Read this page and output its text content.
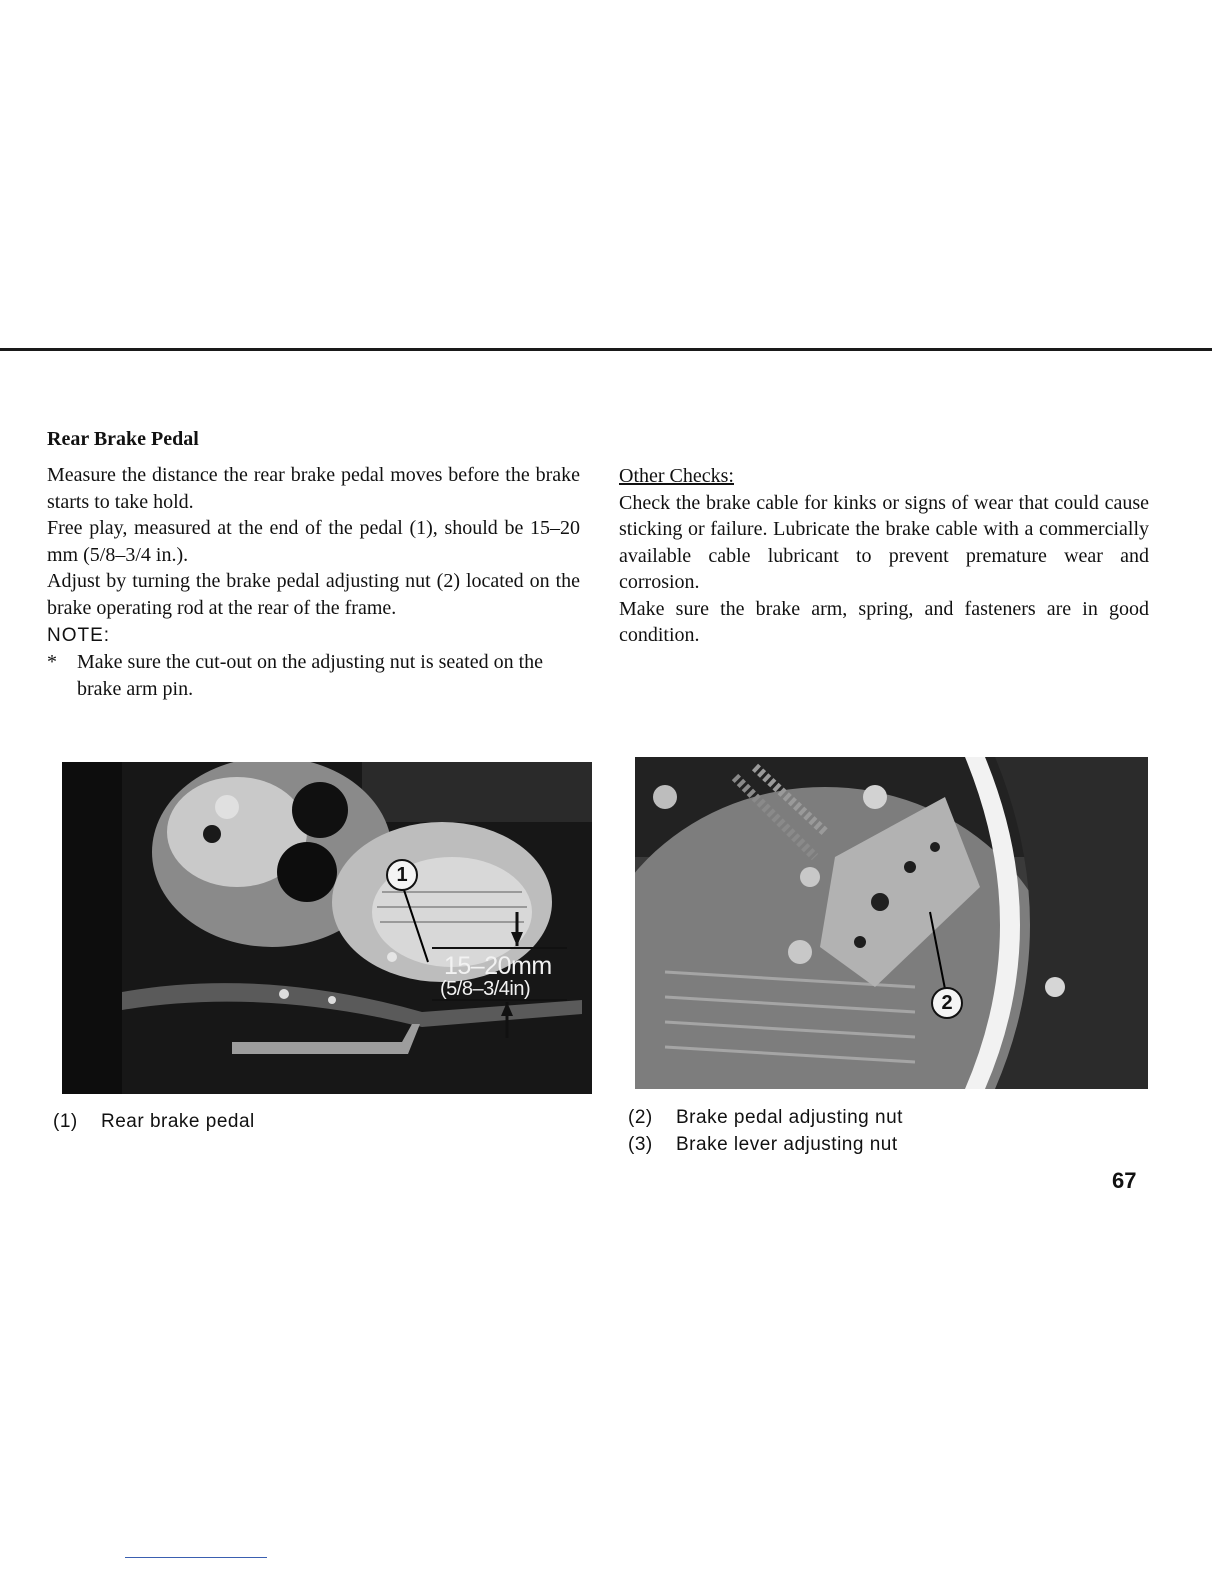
Rear Brake Pedal

Measure the distance the rear brake pedal moves before the brake starts to take hold.

Free play, measured at the end of the pedal (1), should be 15–20 mm (5/8–3/4 in.).

Adjust by turning the brake pedal adjusting nut (2) located on the brake operating rod at the rear of the frame.

NOTE:
*	Make sure the cut-out on the adjusting nut is seated on the brake arm pin.
Other Checks:

Check the brake cable for kinks or signs of wear that could cause sticking or failure. Lubricate the brake cable with a commercially available cable lubricant to prevent premature wear and corrosion.

Make sure the brake arm, spring, and fasteners are in good condition.

1
15–20mm
(5/8–3/4in)
2
(1) Rear brake pedal	(2) Brake pedal adjusting nut
(3) Brake lever adjusting nut
67
